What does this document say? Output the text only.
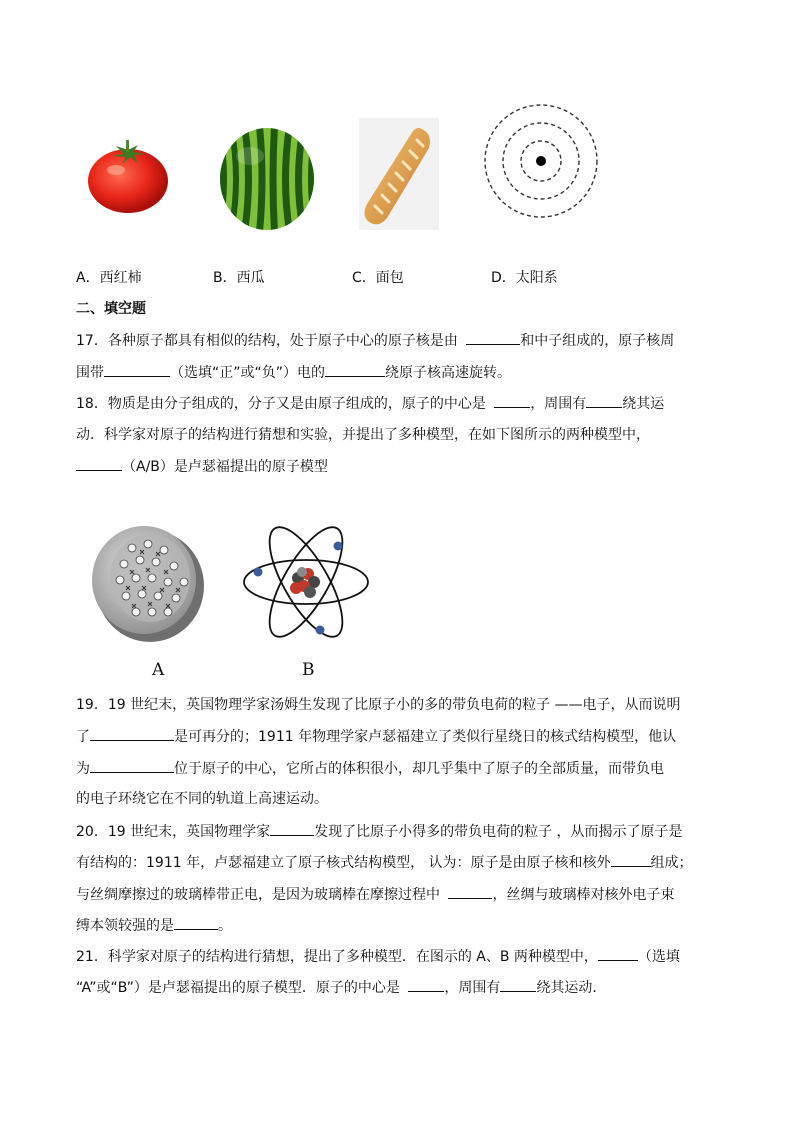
A．西红柿	B．西瓜	C．面包	D．太阳系
二、填空题
17．各种原子都具有相似的结构，处于原子中心的原子核是由	和中子组成的，原子核周
围带	（选填“正”或“负”）电的	绕原子核高速旋转。
18．物质是由分子组成的，分子又是由原子组成的，原子的中心是	，周围有	绕其运
动．科学家对原子的结构进行猜想和实验，并提出了多种模型，在如下图所示的两种模型中，
（A/B）是卢瑟福提出的原子模型
A	B
19．19 世纪末，英国物理学家汤姆生发现了比原子小的多的带负电荷的粒子 ——电子，从而说明
了	是可再分的；1911 年物理学家卢瑟福建立了类似行星绕日的核式结构模型，他认
为	位于原子的中心，它所占的体积很小，却几乎集中了原子的全部质量，而带负电
的电子环绕它在不同的轨道上高速运动。
20．19 世纪末，英国物理学家	发现了比原子小得多的带负电荷的粒子 ，从而揭示了原子是
有结构的：1911 年，卢瑟福建立了原子核式结构模型， 认为：原子是由原子核和核外	组成；
与丝绸摩擦过的玻璃棒带正电，是因为玻璃棒在摩擦过程中	，丝绸与玻璃棒对核外电子束
缚本领较强的是	。
21．科学家对原子的结构进行猜想，提出了多种模型．在图示的 A、B 两种模型中，	（选填
“A”或“B”）是卢瑟福提出的原子模型．原子的中心是	，周围有	绕其运动．
